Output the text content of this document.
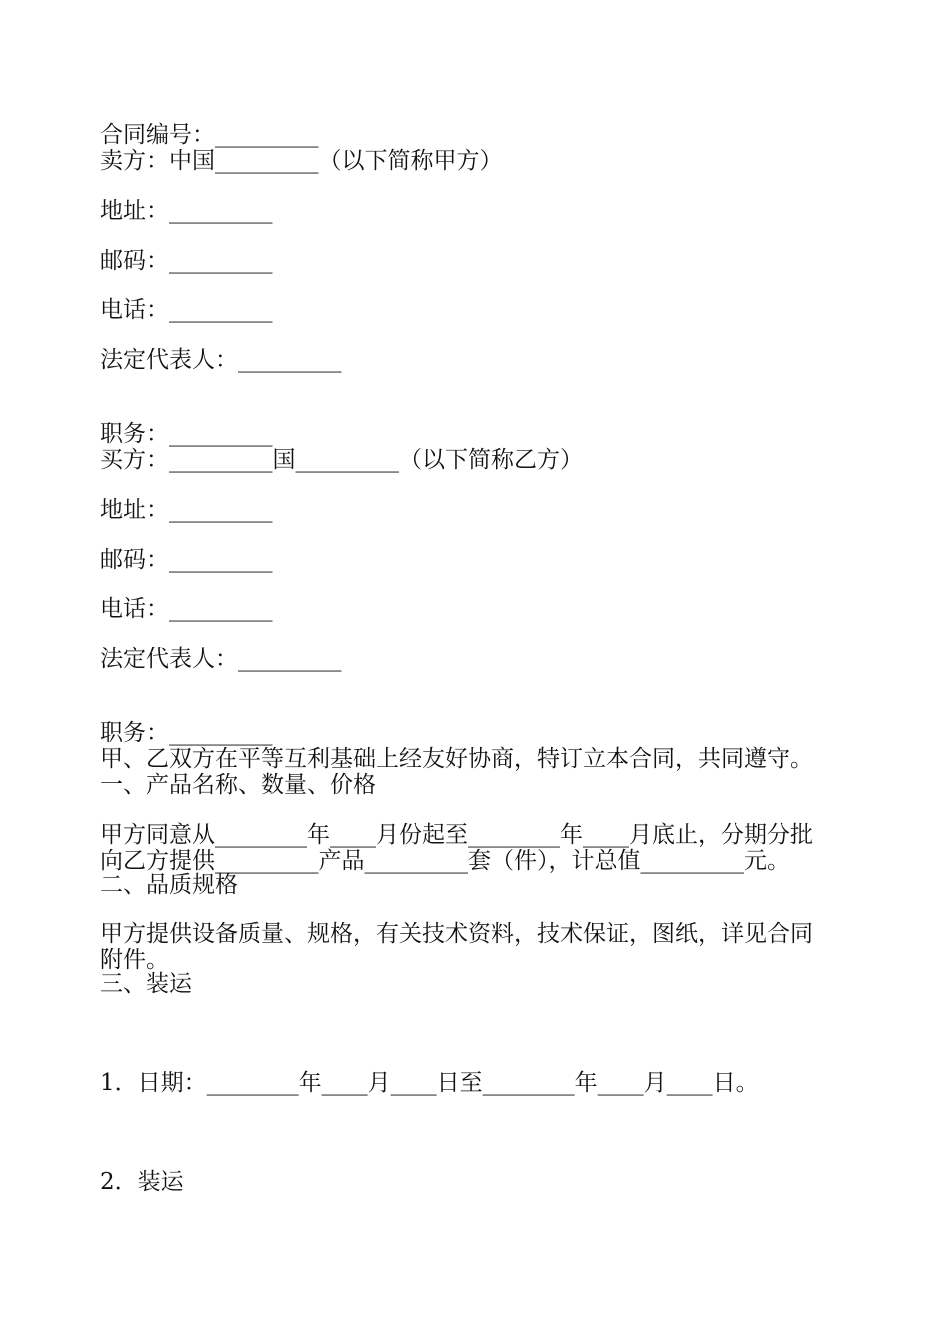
合同编号：_________
卖方：中国_________（以下简称甲方）
地址：_________
邮码：_________
电话：_________
法定代表人：_________
职务：_________
买方：_________国_________（以下简称乙方）
地址：_________
邮码：_________
电话：_________
法定代表人：_________
职务：_________
甲、乙双方在平等互利基础上经友好协商，特订立本合同，共同遵守。
一、产品名称、数量、价格
甲方同意从________年____月份起至________年____月底止，分期分批
向乙方提供_________产品_________套（件），计总值_________元。
二、品质规格
甲方提供设备质量、规格，有关技术资料，技术保证，图纸，详见合同
附件。
三、装运
1．日期：________年____月____日至________年____月____日。
2．装运
